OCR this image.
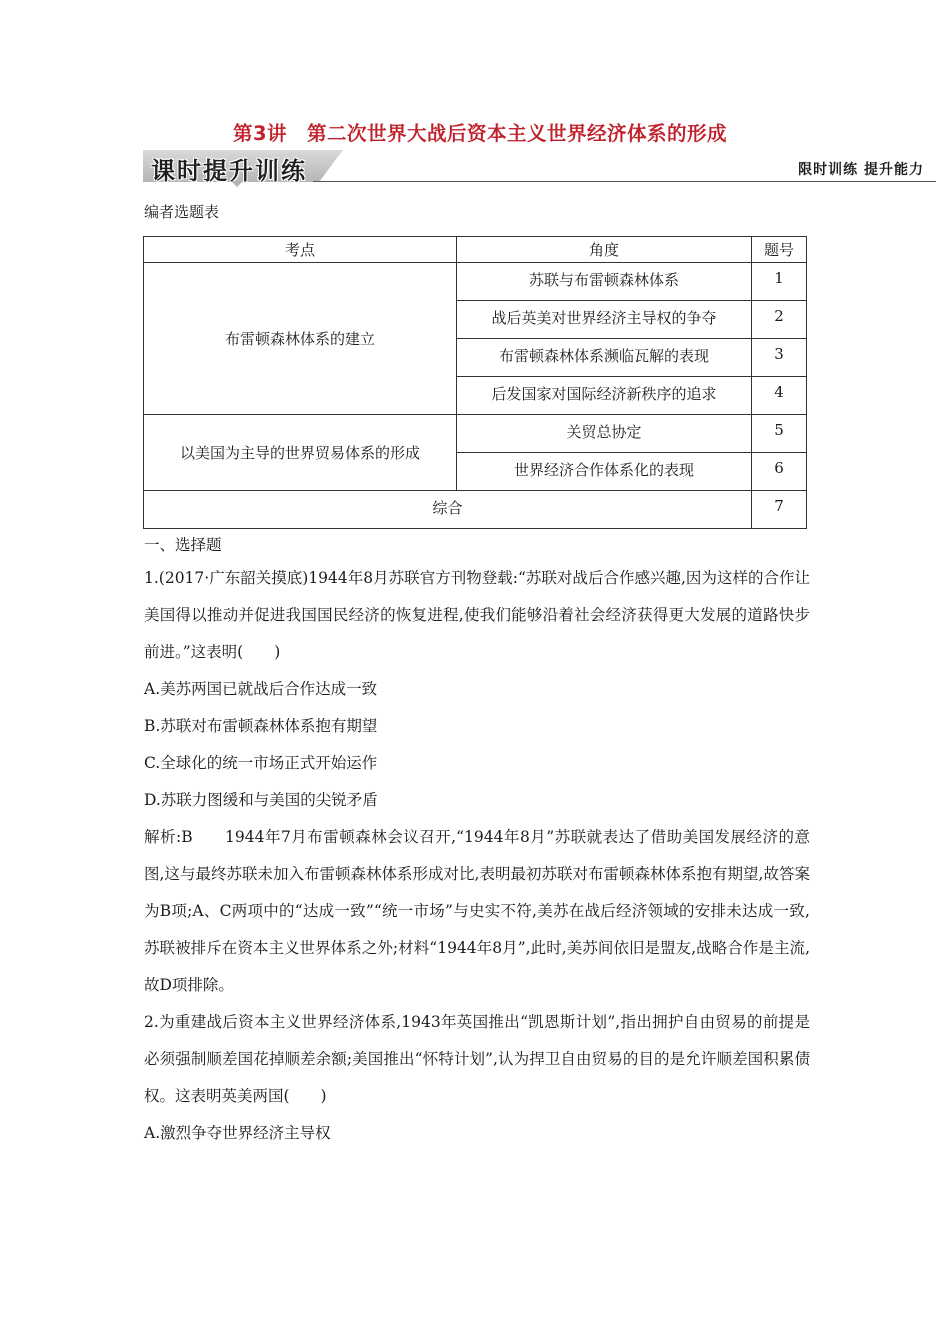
第3讲　第二次世界大战后资本主义世界经济体系的形成
课时提升训练	限时训练 提升能力
编者选题表
考点	角度	题号
布雷顿森林体系的建立	苏联与布雷顿森林体系	1
	战后英美对世界经济主导权的争夺	2
	布雷顿森林体系濒临瓦解的表现	3
	后发国家对国际经济新秩序的追求	4
以美国为主导的世界贸易体系的形成	关贸总协定	5
	世界经济合作体系化的表现	6
综合		7

一、选择题

1.(2017·广东韶关摸底)1944年8月苏联官方刊物登载:“苏联对战后合作感兴趣,因为这样的合作让美国得以推动并促进我国国民经济的恢复进程,使我们能够沿着社会经济获得更大发展的道路快步前进。”这表明(　　)

A.美苏两国已就战后合作达成一致

B.苏联对布雷顿森林体系抱有期望

C.全球化的统一市场正式开始运作

D.苏联力图缓和与美国的尖锐矛盾

解析:B　　1944年7月布雷顿森林会议召开,“1944年8月”苏联就表达了借助美国发展经济的意图,这与最终苏联未加入布雷顿森林体系形成对比,表明最初苏联对布雷顿森林体系抱有期望,故答案为B项;A、C两项中的“达成一致”“统一市场”与史实不符,美苏在战后经济领域的安排未达成一致,苏联被排斥在资本主义世界体系之外;材料“1944年8月”,此时,美苏间依旧是盟友,战略合作是主流,故D项排除。

2.为重建战后资本主义世界经济体系,1943年英国推出“凯恩斯计划”,指出拥护自由贸易的前提是必须强制顺差国花掉顺差余额;美国推出“怀特计划”,认为捍卫自由贸易的目的是允许顺差国积累债权。这表明英美两国(　　)

A.激烈争夺世界经济主导权
